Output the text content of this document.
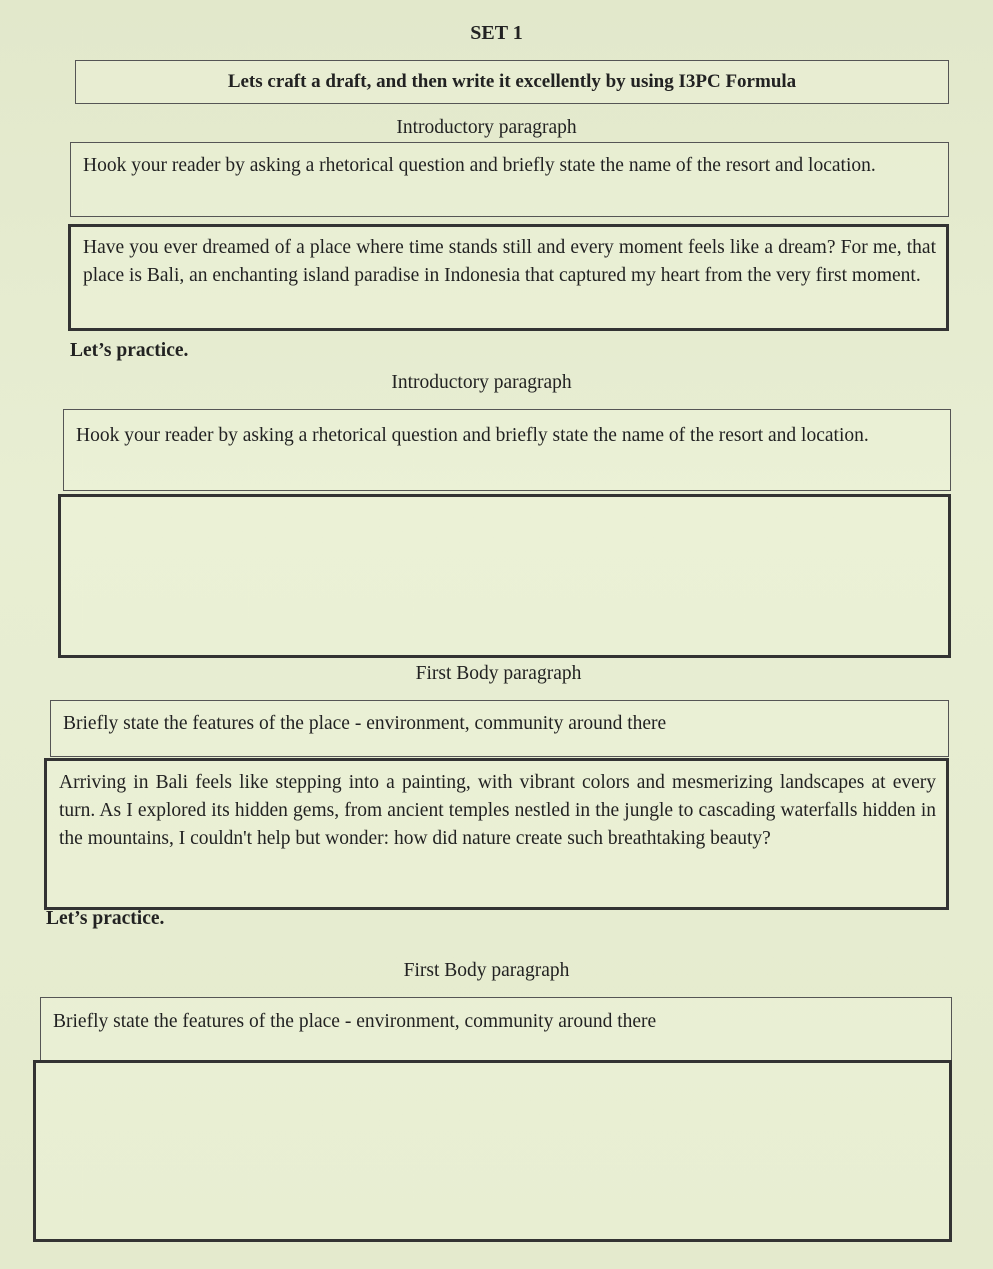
SET 1
Lets craft a draft, and then write it excellently by using I3PC Formula
Introductory paragraph
Hook your reader by asking a rhetorical question and briefly state the name of the resort and location.
Have you ever dreamed of a place where time stands still and every moment feels like a dream? For me, that place is Bali, an enchanting island paradise in Indonesia that captured my heart from the very first moment.
Let’s practice.
Introductory paragraph
Hook your reader by asking a rhetorical question and briefly state the name of the resort and location.
First Body paragraph
Briefly state the features of the place - environment, community around there
Arriving in Bali feels like stepping into a painting, with vibrant colors and mesmerizing landscapes at every turn. As I explored its hidden gems, from ancient temples nestled in the jungle to cascading waterfalls hidden in the mountains, I couldn't help but wonder: how did nature create such breathtaking beauty?
Let’s practice.
First Body paragraph
Briefly state the features of the place - environment, community around there
